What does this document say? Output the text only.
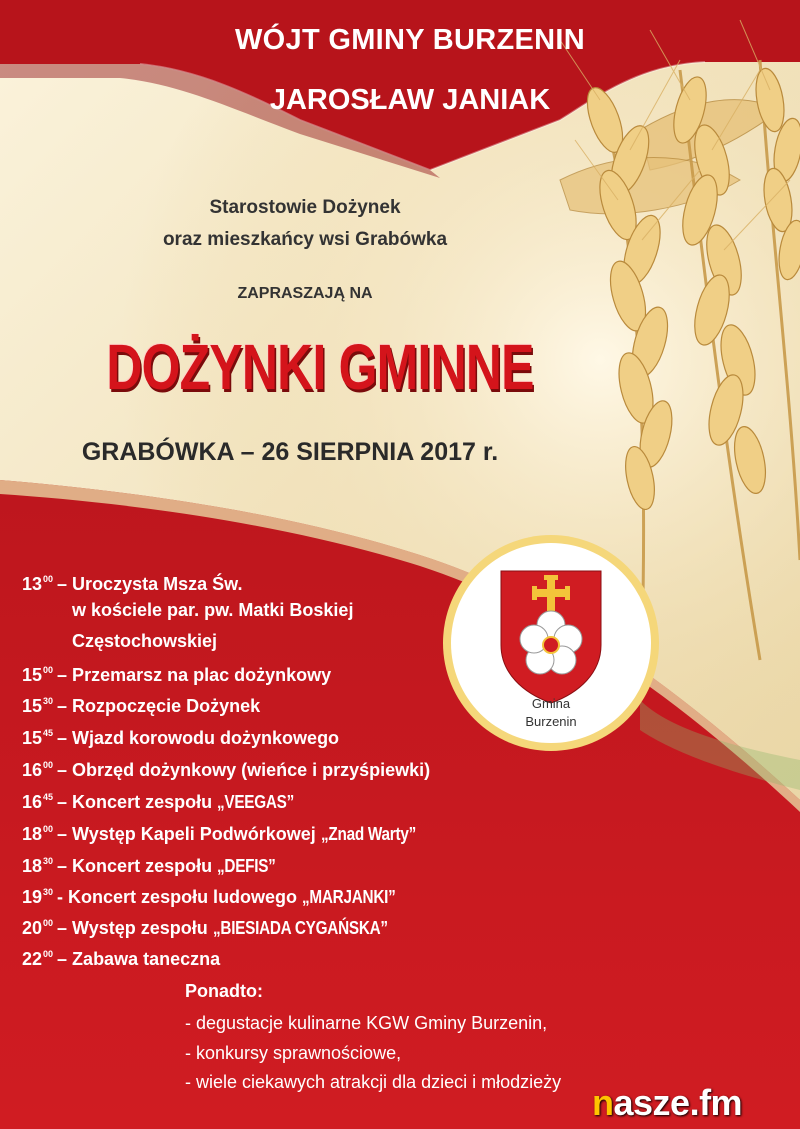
WÓJT GMINY BURZENIN
JAROSŁAW JANIAK
Starostowie Dożynek
oraz mieszkańcy wsi Grabówka
ZAPRASZAJĄ NA
DOŻYNKI GMINNE
GRABÓWKA – 26 SIERPNIA 2017 r.
$13^{00}$ – Uroczysta Msza Św.
w kościele par. pw. Matki Boskiej
Częstochowskiej
$15^{00}$ – Przemarsz na plac dożynkowy
$15^{30}$ – Rozpoczęcie Dożynek
$15^{45}$ – Wjazd korowodu dożynkowego
$16^{00}$ – Obrzęd dożynkowy (wieńce i przyśpiewki)
$16^{45}$ – Koncert zespołu „VEEGAS”
$18^{00}$ – Występ Kapeli Podwórkowej „Znad Warty”
$18^{30}$ – Koncert zespołu „DEFIS”
$19^{30}$ - Koncert zespołu ludowego „MARJANKI”
$20^{00}$ – Występ zespołu „BIESIADA CYGAŃSKA”
$22^{00}$ – Zabawa taneczna
Ponadto:
- degustacje kulinarne KGW Gminy Burzenin,
- konkursy sprawnościowe,
- wiele ciekawych atrakcji dla dzieci i młodzieży
Gmina
Burzenin
nasze.fm
